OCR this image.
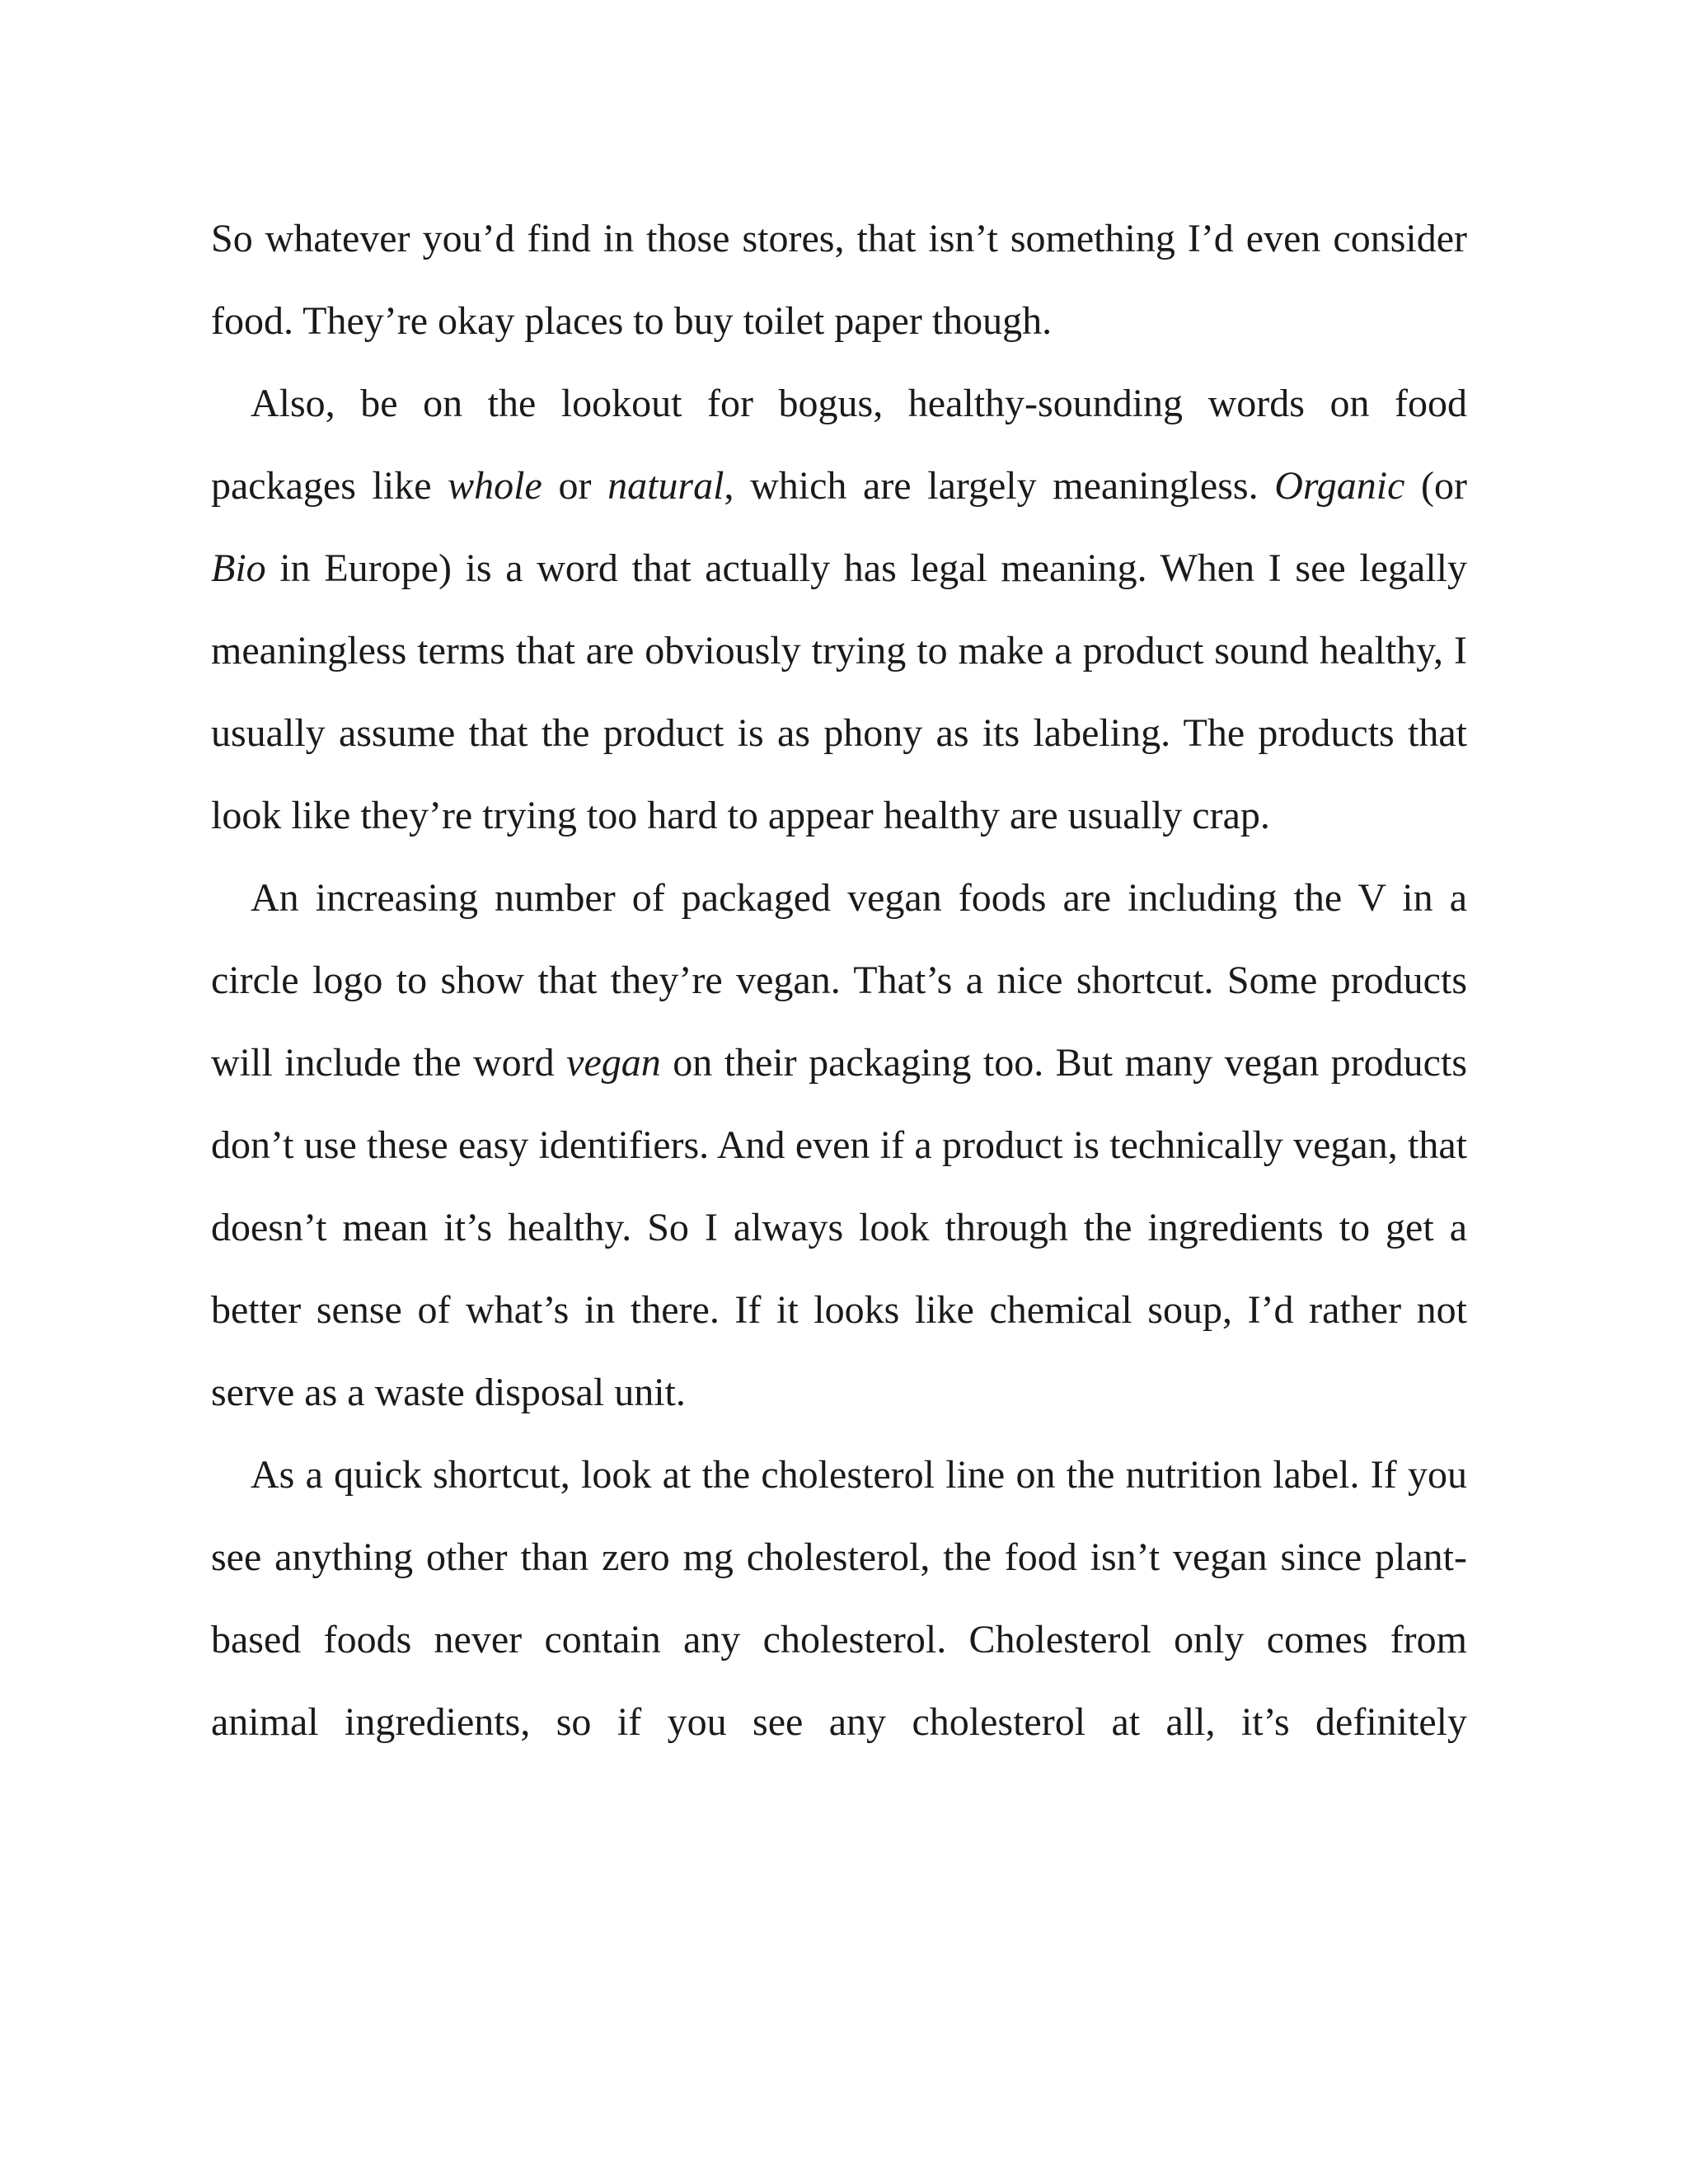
So whatever you’d find in those stores, that isn’t something I’d even consider food. They’re okay places to buy toilet paper though.

Also, be on the lookout for bogus, healthy-sounding words on food packages like whole or natural, which are largely meaningless. Organic (or Bio in Europe) is a word that actually has legal meaning. When I see legally meaningless terms that are obviously trying to make a product sound healthy, I usually assume that the product is as phony as its labeling. The products that look like they’re trying too hard to appear healthy are usually crap.

An increasing number of packaged vegan foods are including the V in a circle logo to show that they’re vegan. That’s a nice shortcut. Some products will include the word vegan on their packaging too. But many vegan products don’t use these easy identifiers. And even if a product is technically vegan, that doesn’t mean it’s healthy. So I always look through the ingredients to get a better sense of what’s in there. If it looks like chemical soup, I’d rather not serve as a waste disposal unit.

As a quick shortcut, look at the cholesterol line on the nutrition label. If you see anything other than zero mg cholesterol, the food isn’t vegan since plant-based foods never contain any cholesterol. Cholesterol only comes from animal ingredients, so if you see any cholesterol at all, it’s definitely
